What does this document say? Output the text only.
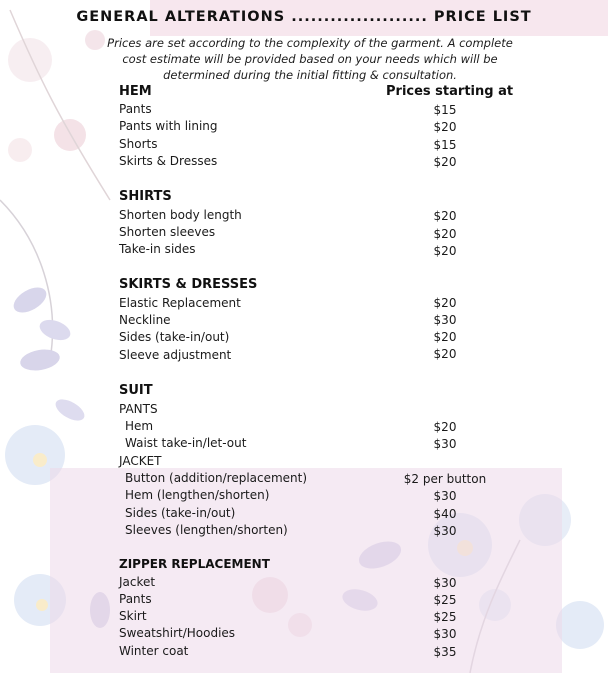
GENERAL ALTERATIONS ..................... PRICE LIST
Prices are set according to the complexity of the garment. A complete cost estimate will be provided based on your needs which will be determined during the initial fitting & consultation.
Prices starting at
HEM
Pants	$15
Pants with lining	$20
Shorts	$15
Skirts & Dresses	$20
SHIRTS
Shorten body length	$20
Shorten sleeves	$20
Take-in sides	$20
SKIRTS & DRESSES
Elastic Replacement	$20
Neckline	$30
Sides (take-in/out)	$20
Sleeve adjustment	$20
SUIT
PANTS
Hem	$20
Waist take-in/let-out	$30
JACKET
Button (addition/replacement)	$2 per button
Hem (lengthen/shorten)	$30
Sides (take-in/out)	$40
Sleeves (lengthen/shorten)	$30
ZIPPER REPLACEMENT
Jacket	$30
Pants	$25
Skirt	$25
Sweatshirt/Hoodies	$30
Winter coat	$35
